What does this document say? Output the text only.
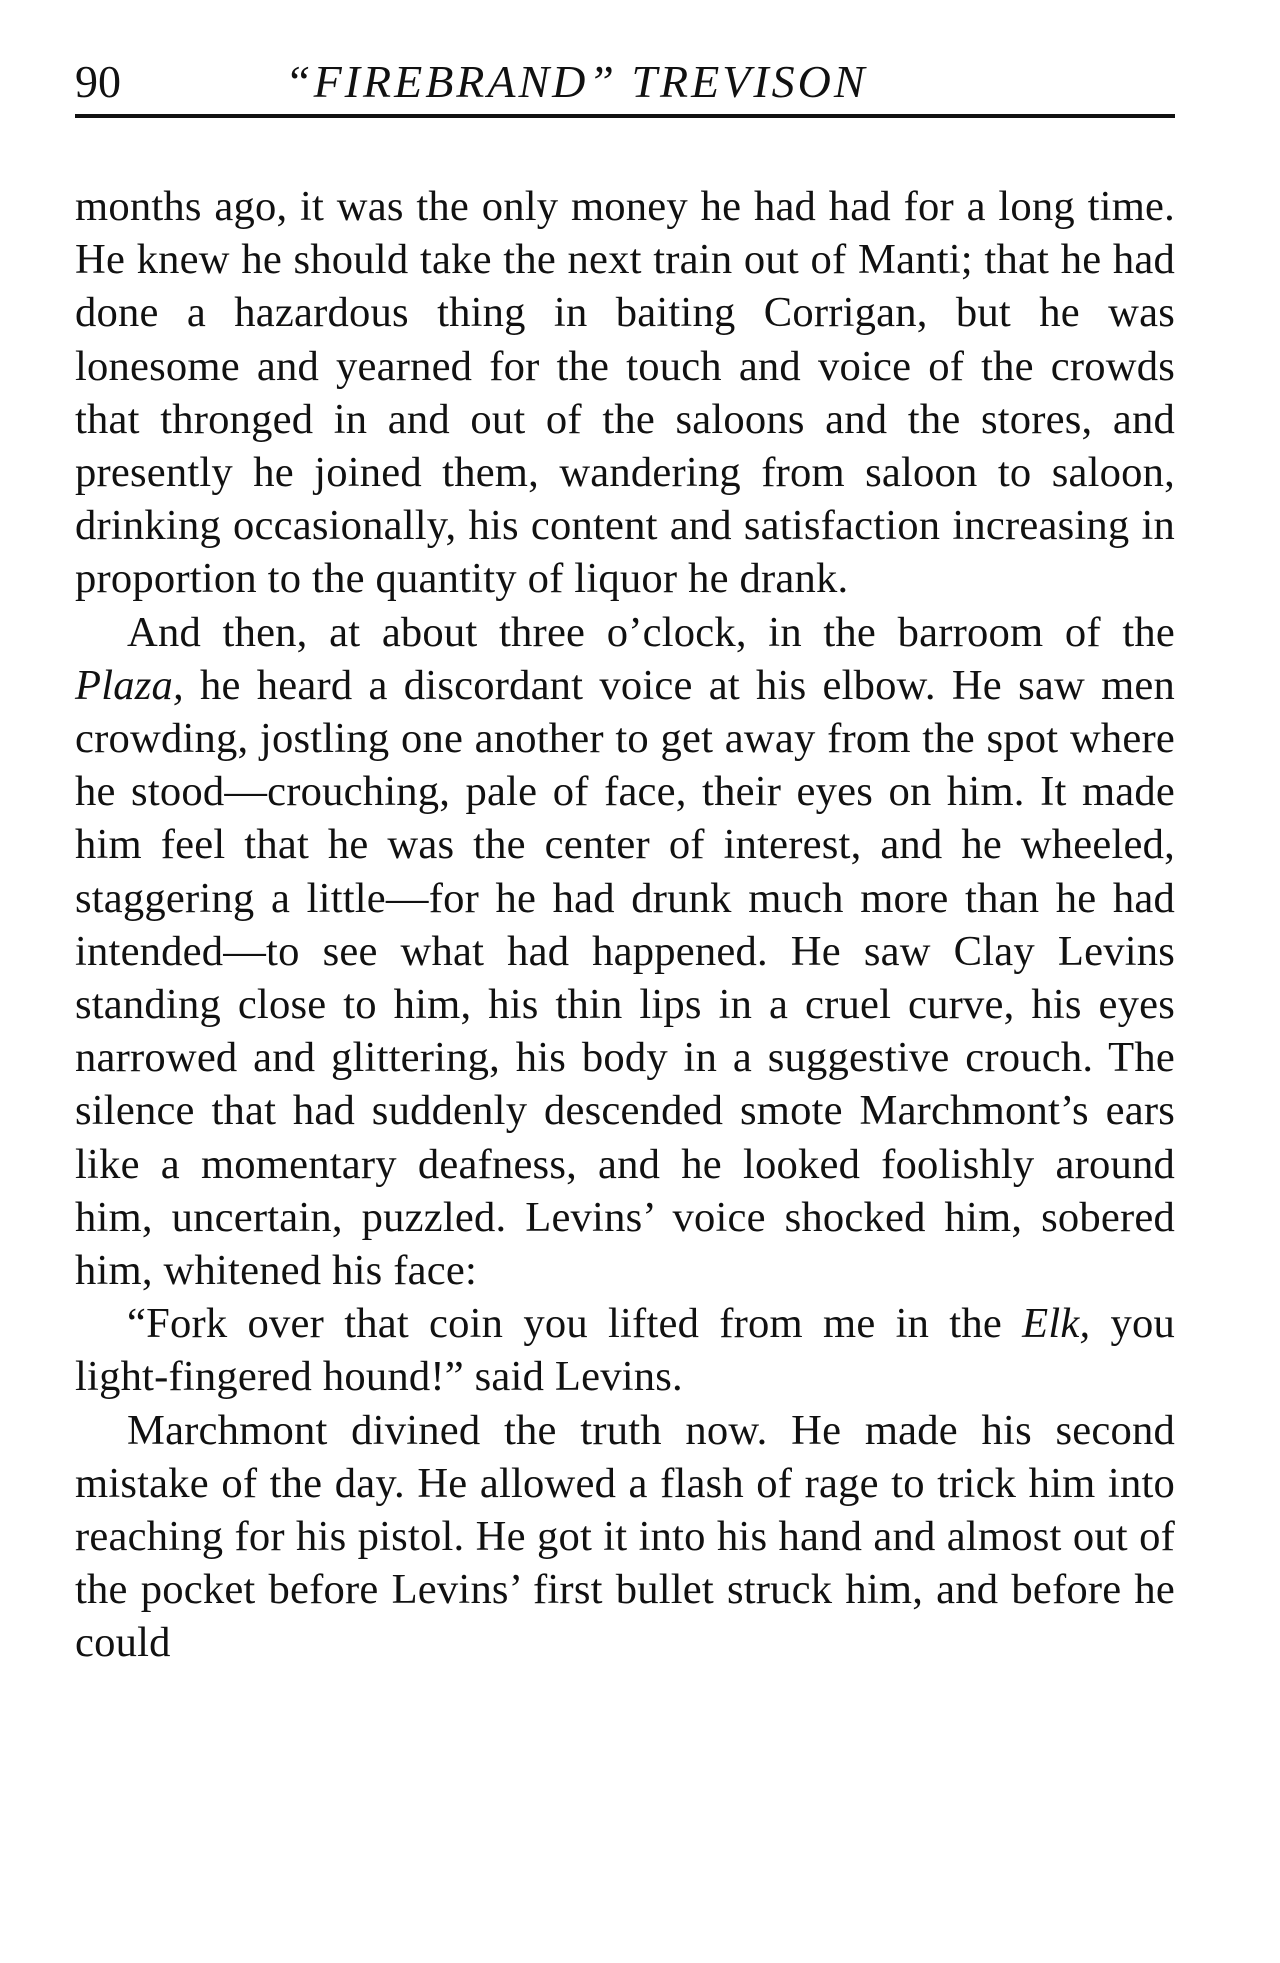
90	“FIREBRAND” TREVISON

months ago, it was the only money he had had for a long time. He knew he should take the next train out of Manti; that he had done a hazardous thing in baiting Corrigan, but he was lonesome and yearned for the touch and voice of the crowds that thronged in and out of the saloons and the stores, and presently he joined them, wandering from saloon to saloon, drinking occasionally, his content and satisfaction increasing in proportion to the quantity of liquor he drank.

And then, at about three o’clock, in the barroom of the Plaza, he heard a discordant voice at his elbow. He saw men crowding, jostling one another to get away from the spot where he stood—crouching, pale of face, their eyes on him. It made him feel that he was the center of interest, and he wheeled, staggering a little—for he had drunk much more than he had intended—to see what had happened. He saw Clay Levins standing close to him, his thin lips in a cruel curve, his eyes narrowed and glittering, his body in a suggestive crouch. The silence that had suddenly descended smote Marchmont’s ears like a momentary deafness, and he looked foolishly around him, uncertain, puzzled. Levins’ voice shocked him, sobered him, whitened his face:

“Fork over that coin you lifted from me in the Elk, you light-fingered hound!” said Levins.

Marchmont divined the truth now. He made his second mistake of the day. He allowed a flash of rage to trick him into reaching for his pistol. He got it into his hand and almost out of the pocket before Levins’ first bullet struck him, and before he could
